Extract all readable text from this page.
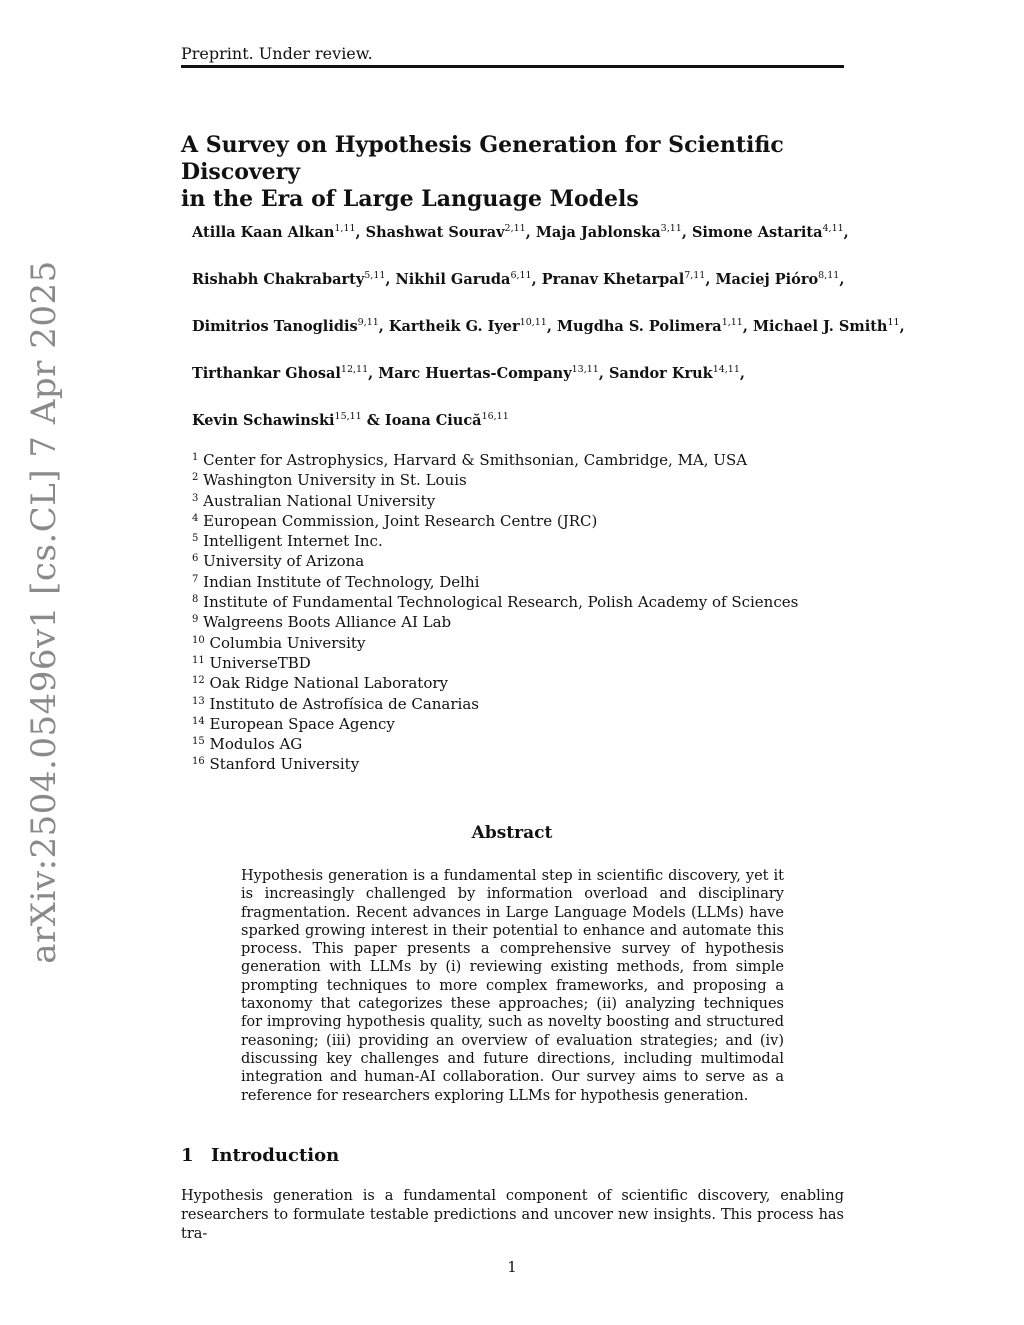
Preprint. Under review.
arXiv:2504.05496v1 [cs.CL] 7 Apr 2025
A Survey on Hypothesis Generation for Scientific Discovery
in the Era of Large Language Models
Atilla Kaan Alkan$^{1,11}$, Shashwat Sourav$^{2,11}$, Maja Jablonska$^{3,11}$, Simone Astarita$^{4,11}$,
Rishabh Chakrabarty$^{5,11}$, Nikhil Garuda$^{6,11}$, Pranav Khetarpal$^{7,11}$, Maciej Pióro$^{8,11}$,
Dimitrios Tanoglidis$^{9,11}$, Kartheik G. Iyer$^{10,11}$, Mugdha S. Polimera$^{1,11}$, Michael J. Smith$^{11}$,
Tirthankar Ghosal$^{12,11}$, Marc Huertas-Company$^{13,11}$, Sandor Kruk$^{14,11}$,
Kevin Schawinski$^{15,11}$ & Ioana Ciucă$^{16,11}$
$^1$ Center for Astrophysics, Harvard & Smithsonian, Cambridge, MA, USA
$^2$ Washington University in St. Louis
$^3$ Australian National University
$^4$ European Commission, Joint Research Centre (JRC)
$^5$ Intelligent Internet Inc.
$^6$ University of Arizona
$^7$ Indian Institute of Technology, Delhi
$^8$ Institute of Fundamental Technological Research, Polish Academy of Sciences
$^9$ Walgreens Boots Alliance AI Lab
$^{10}$ Columbia University
$^{11}$ UniverseTBD
$^{12}$ Oak Ridge National Laboratory
$^{13}$ Instituto de Astrofísica de Canarias
$^{14}$ European Space Agency
$^{15}$ Modulos AG
$^{16}$ Stanford University
Abstract

Hypothesis generation is a fundamental step in scientific discovery, yet it is increasingly challenged by information overload and disciplinary fragmentation. Recent advances in Large Language Models (LLMs) have sparked growing interest in their potential to enhance and automate this process. This paper presents a comprehensive survey of hypothesis generation with LLMs by (i) reviewing existing methods, from simple prompting techniques to more complex frameworks, and proposing a taxonomy that categorizes these approaches; (ii) analyzing techniques for improving hypothesis quality, such as novelty boosting and structured reasoning; (iii) providing an overview of evaluation strategies; and (iv) discussing key challenges and future directions, including multimodal integration and human-AI collaboration. Our survey aims to serve as a reference for researchers exploring LLMs for hypothesis generation.

1 Introduction

Hypothesis generation is a fundamental component of scientific discovery, enabling researchers to formulate testable predictions and uncover new insights. This process has tra-

1
